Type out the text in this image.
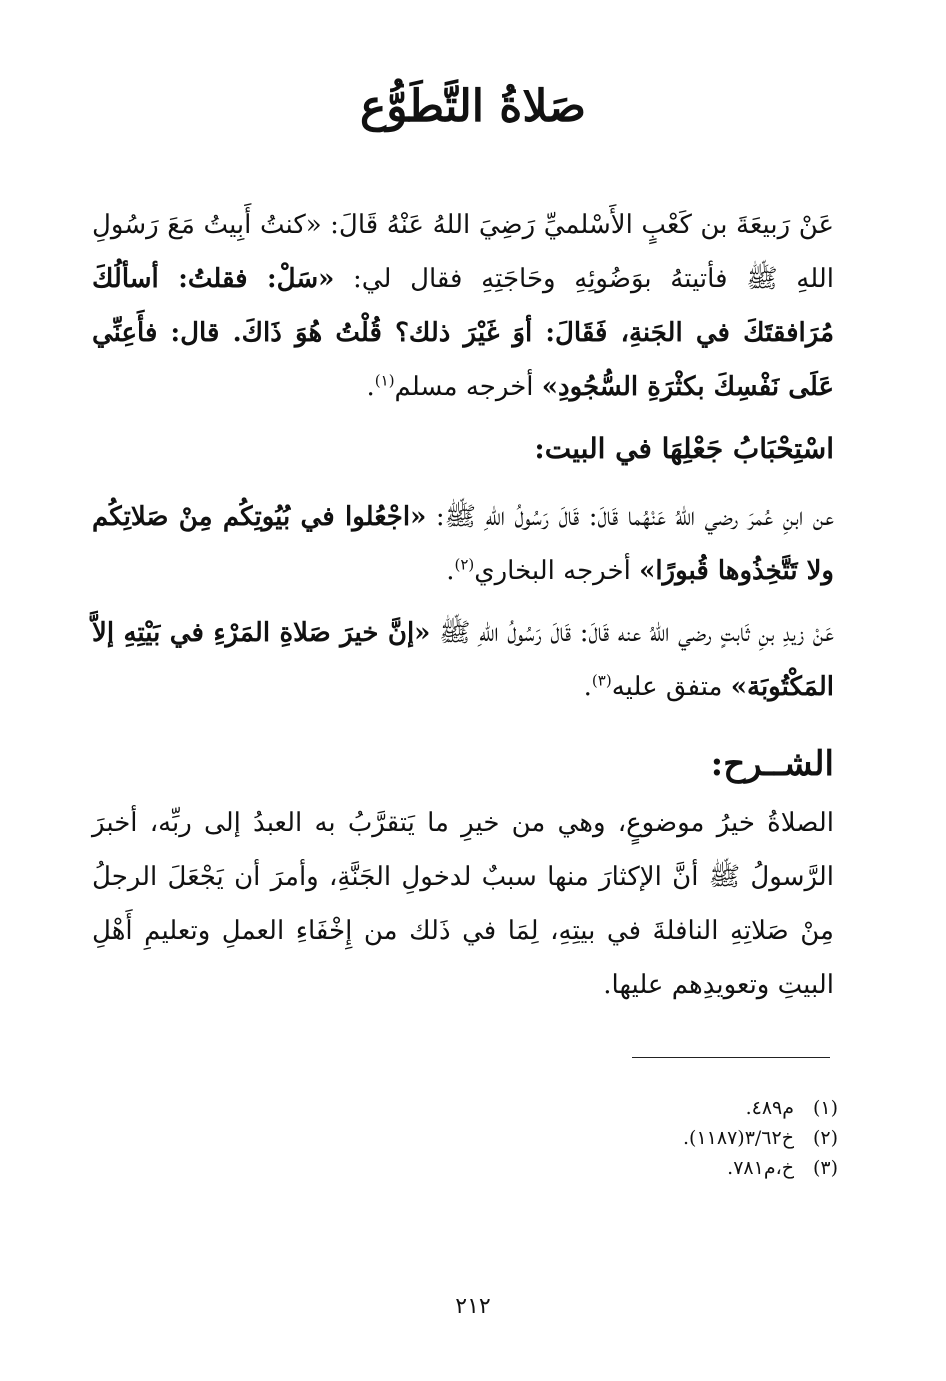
صَلاةُ التَّطَوُّع
عَنْ رَبيعَةَ بن كَعْبٍ الأَسْلميِّ رَضِيَ اللهُ عَنْهُ قَالَ: «كنتُ أَبِيتُ مَعَ رَسُولِ اللهِ ﷺ فأتيتهُ بوَضُوئِهِ وحَاجَتِهِ فقال لي: «سَلْ: فقلتُ: أسألُكَ مُرَافقتَكَ في الجَنةِ، فَقَالَ: أوَ غَيْرَ ذلك؟ قُلْتُ هُوَ ذَاكَ. قال: فأَعِنِّي عَلَى نَفْسِكَ بكثْرَةِ السُّجُودِ» أخرجه مسلم$^{(١)}$.
اسْتِحْبَابُ جَعْلِهَا في البيت:
عن ابنِ عُمرَ رضي اللهُ عَنْهُما قَالَ: قَالَ رَسُولُ اللهِ ﷺ: «اجْعُلوا في بُيُوتِكُم مِنْ صَلاتِكُم ولا تَتَّخِذُوها قُبورًا» أخرجه البخاري$^{(٢)}$.
عَنْ زيدِ بنِ ثَابتٍ رضي اللهُ عنه قَالَ: قَالَ رَسُولُ اللهِ ﷺ «إنَّ خيرَ صَلاةِ المَرْءِ في بَيْتِهِ إلاَّ المَكْتُوبَة» متفق عليه$^{(٣)}$.
الشــرح:
الصلاةُ خيرُ موضوعٍ، وهي من خيرِ ما يَتقرَّبُ به العبدُ إلى ربِّه، أخبرَ الرَّسولُ ﷺ أنَّ الإكثارَ منها سببٌ لدخولِ الجَنَّةِ، وأمرَ أن يَجْعَلَ الرجلُ مِنْ صَلاتِهِ النافلةَ في بيتِهِ، لِمَا في ذَلك من إِخْفَاءِ العملِ وتعليمِ أَهْلِ البيتِ وتعويدِهم عليها.
(١)م٤٨٩.
(٢)خ٣/٦٢(١١٨٧).
(٣)خ،م٧٨١.
٢١٢
